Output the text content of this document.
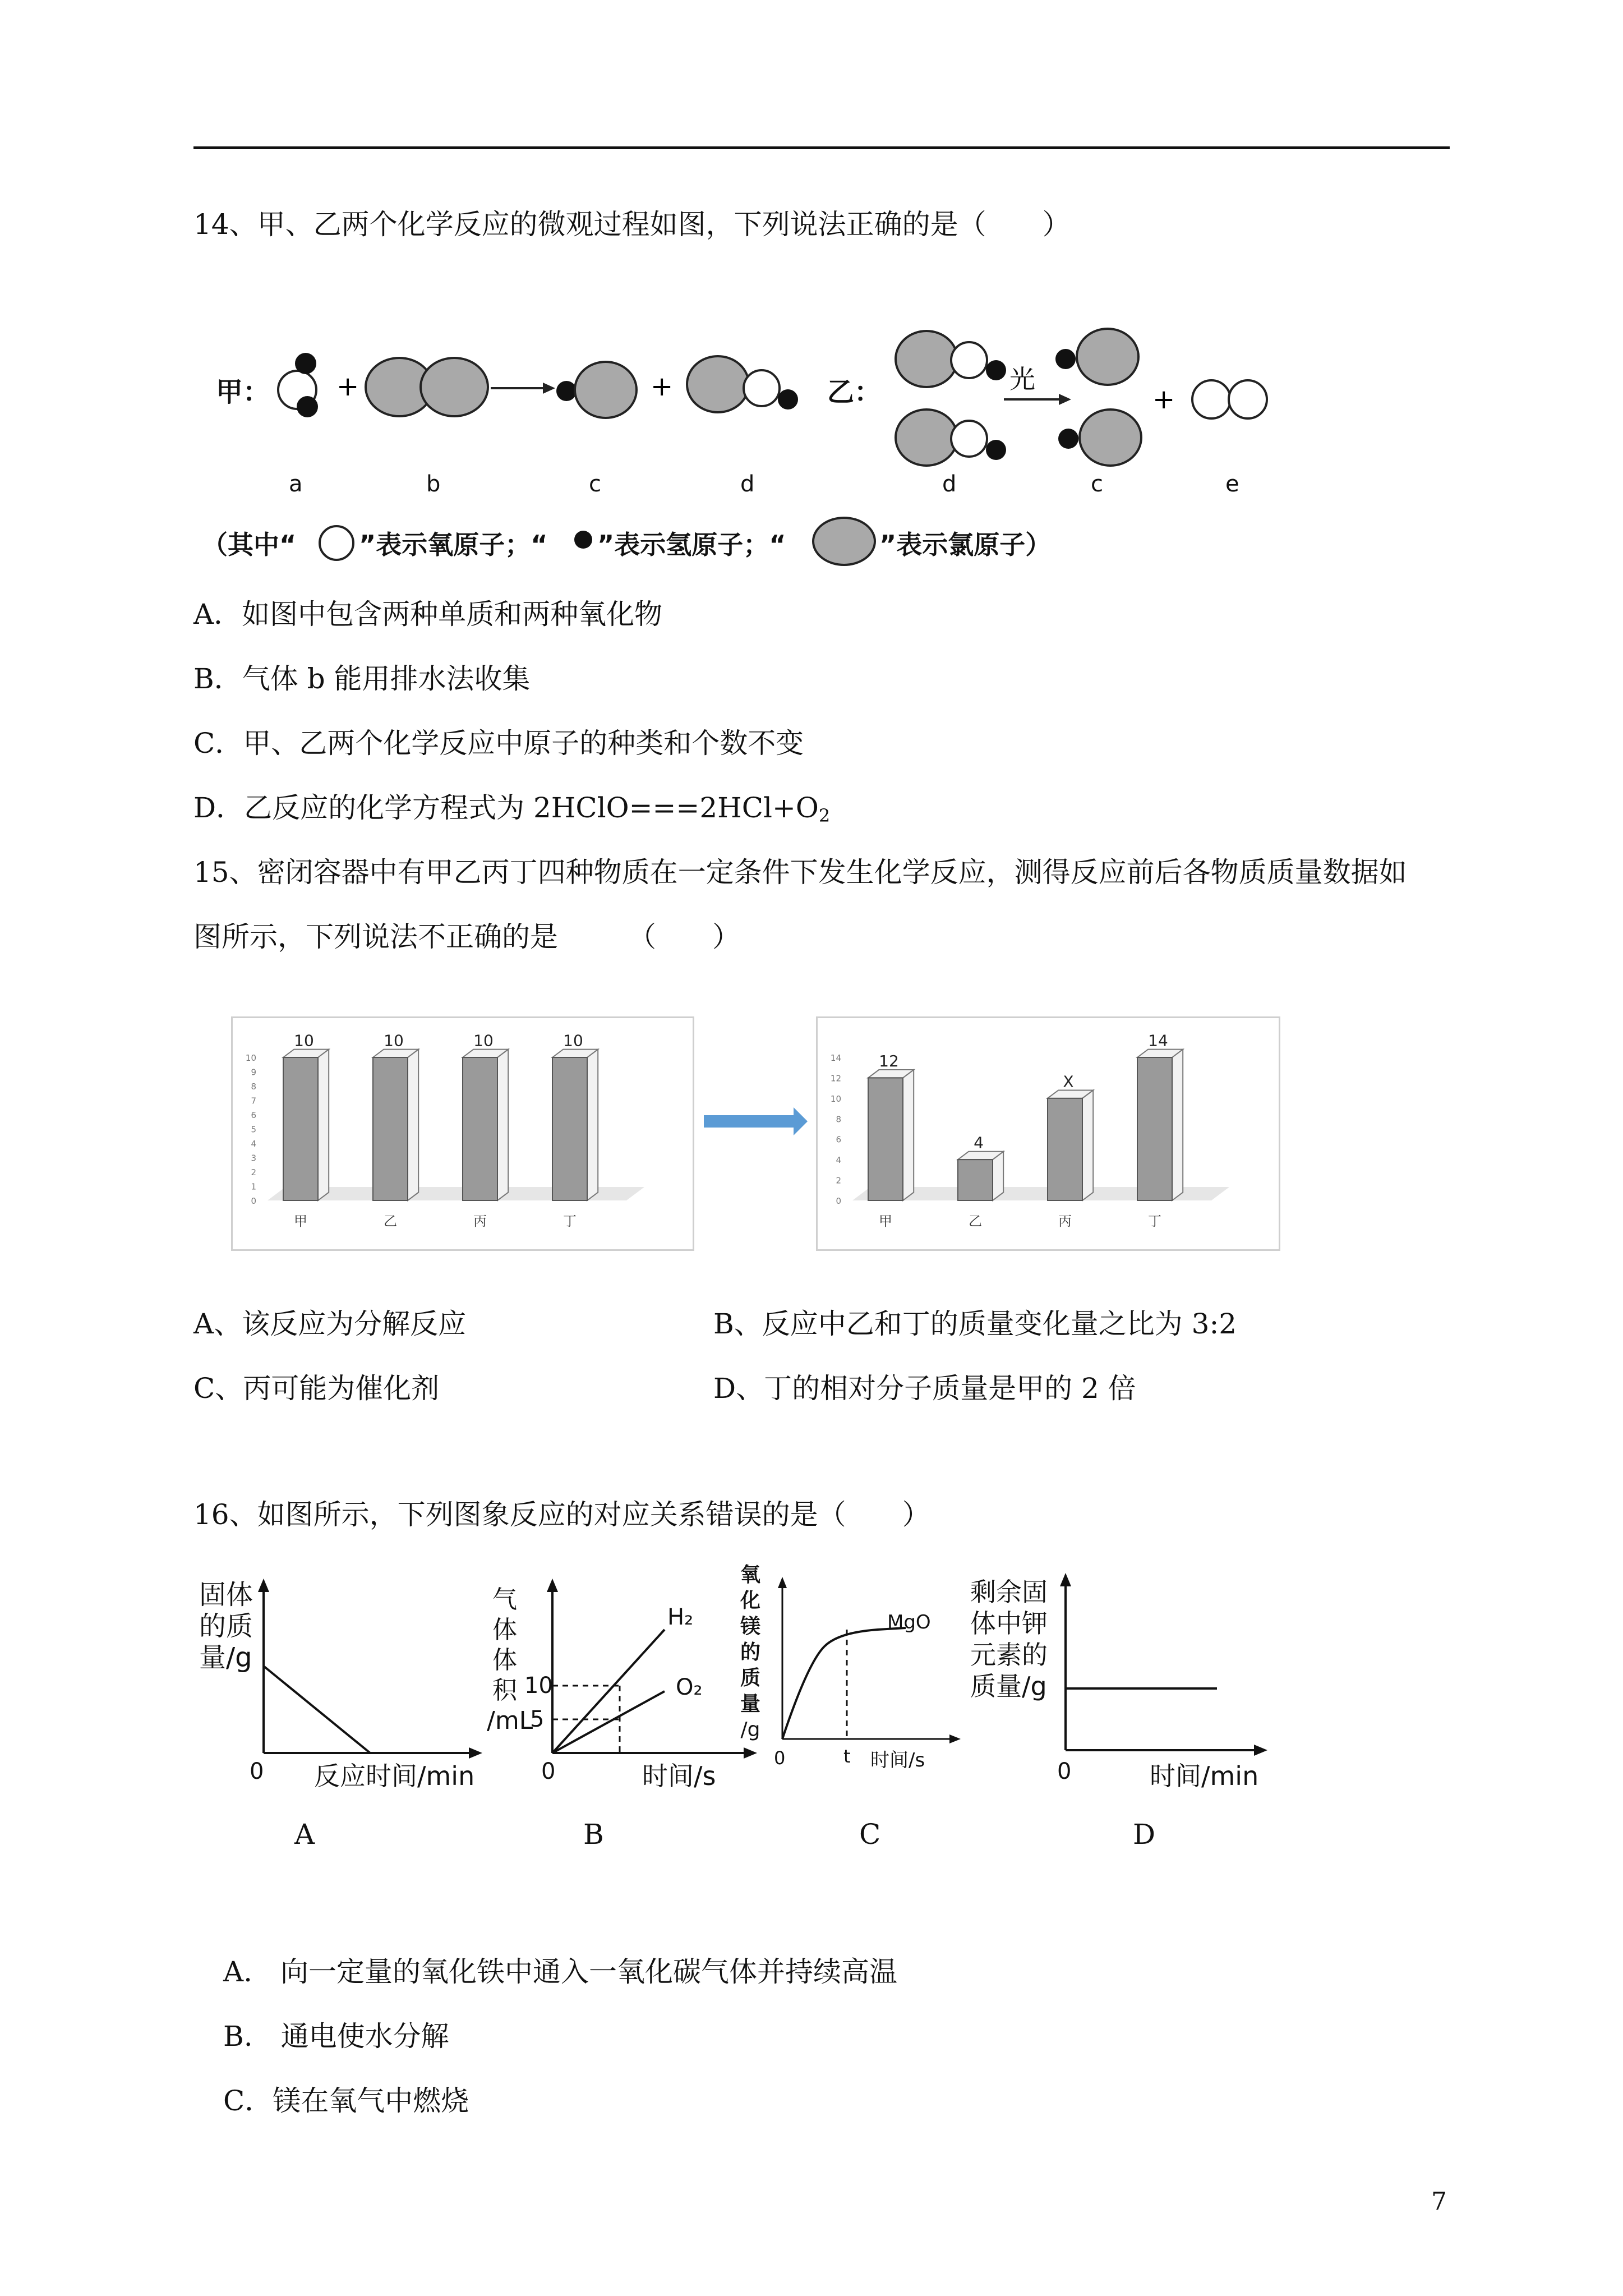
14、甲、乙两个化学反应的微观过程如图，下列说法正确的是（　　）
甲：	乙：	光
+	+	+
a	b	c	d	d	c	e
（其中“ ”表示氧原子；“ ”表示氢原子；“	”表示氯原子）
A．如图中包含两种单质和两种氧化物
B．气体 b 能用排水法收集
C．甲、乙两个化学反应中原子的种类和个数不变
D．乙反应的化学方程式为 $2HClO===2HCl+O_2$
15、密闭容器中有甲乙丙丁四种物质在一定条件下发生化学反应，测得反应前后各物质质量数据如
图所示，下列说法不正确的是　　　（　　）
0
1
2
3
4
5
6
7
8
9
10
10
甲
10
乙
10
丙
10
丁
0
2
4
6
8
10
12
14 12
甲
4
乙
X
丙
14
丁
A、该反应为分解反应	B、反应中乙和丁的质量变化量之比为 3:2
C、丙可能为催化剂	D、丁的相对分子质量是甲的 2 倍
16、如图所示，下列图象反应的对应关系错误的是（　　）
固体
的质
量/g
0 反应时间/min
A
气
体
体
积
/mL
10
5
H₂
O₂
0	时间/s
B
氧
化
镁
的
质
量
/g
MgO
0	t 时间/s
C
剩余固
体中钾
元素的
质量/g
0	时间/min
D
A.　向一定量的氧化铁中通入一氧化碳气体并持续高温
B.　通电使水分解
C．镁在氧气中燃烧
7
